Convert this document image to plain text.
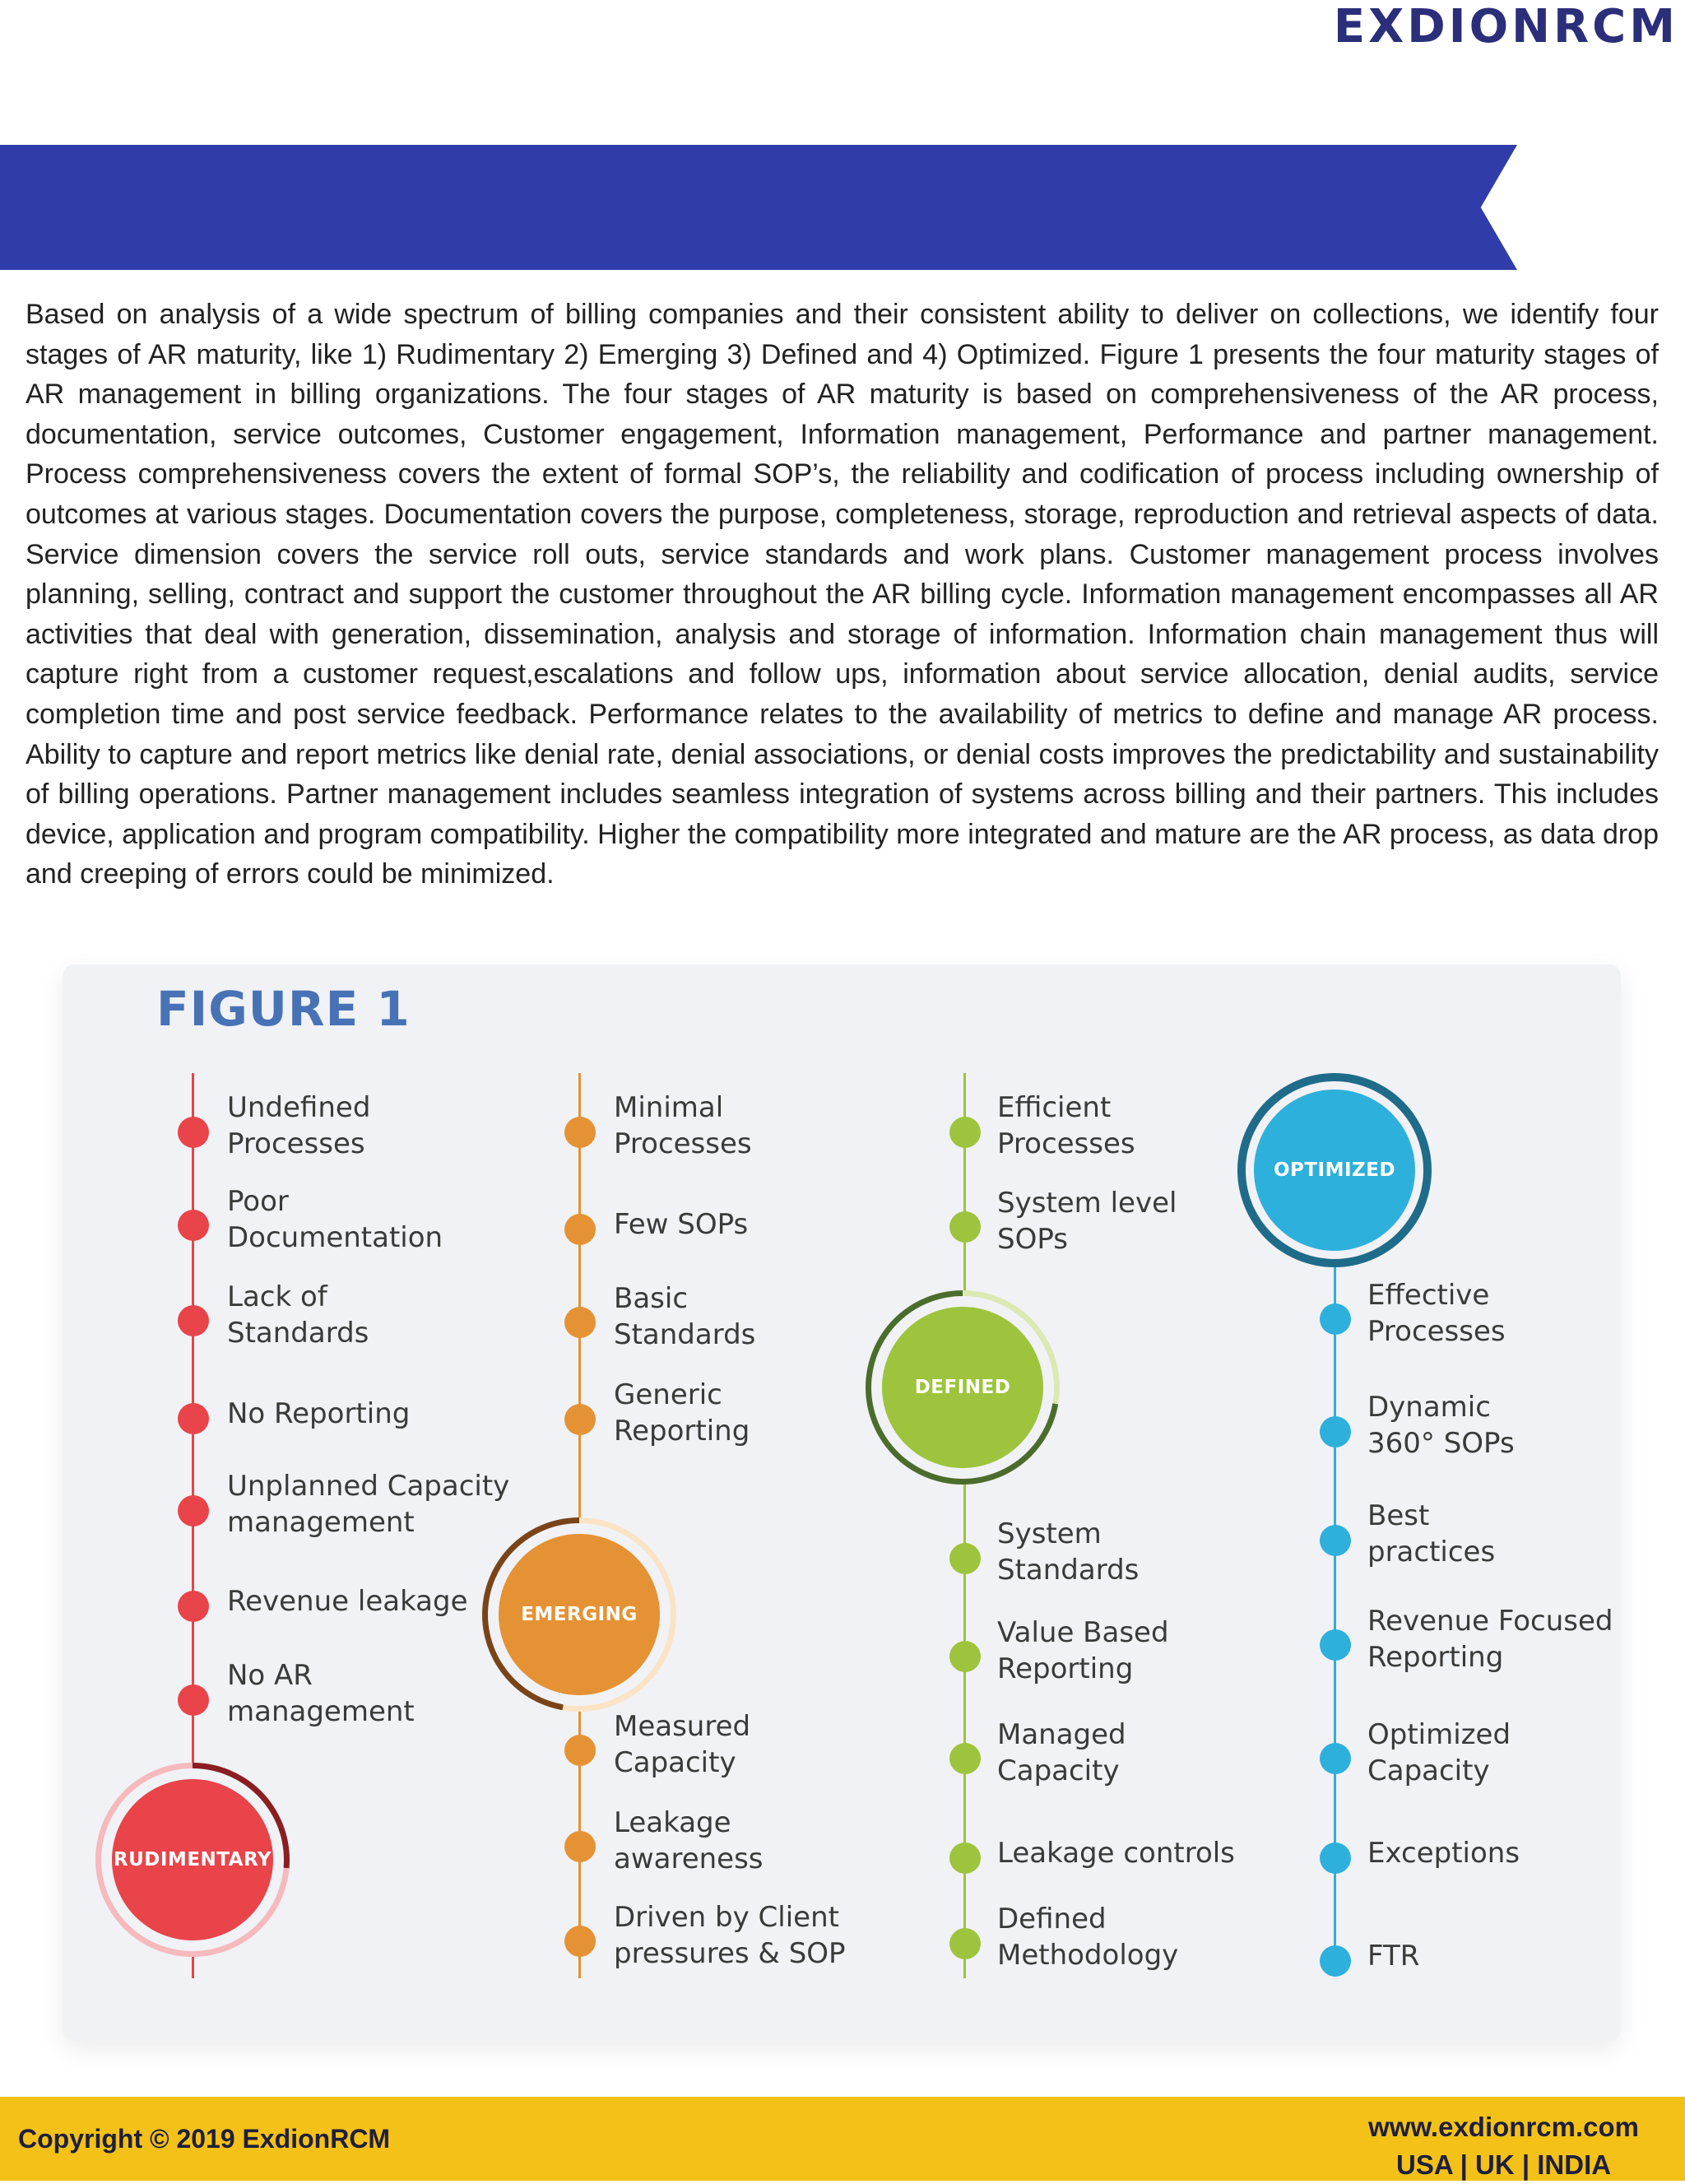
EXDIONRCM
eARMM: a maturity framework  for AR improvement program

Based on analysis of a wide spectrum of billing companies and their consistent ability to deliver on collections, we identify four stages of AR maturity, like 1) Rudimentary 2) Emerging 3) Defined and 4) Optimized. Figure 1 presents the four maturity stages of AR management in billing organizations. The four stages of AR maturity is based on comprehensiveness of the AR process, documentation, service outcomes, Customer engagement, Information management, Performance and partner management. Process comprehensiveness covers the extent of formal SOP’s, the reliability and codification of process including ownership of outcomes at various stages. Documentation covers the purpose, completeness, storage, reproduction and retrieval aspects of data. Service dimension covers the service roll outs, service standards and work plans. Customer management process involves planning, selling, contract and support the customer throughout the AR billing cycle. Information management encompasses all AR activities that deal with generation, dissemination, analysis and storage of information. Information chain management thus will capture right from a customer request,escalations and follow ups, information about service allocation, denial audits, service completion time and post service feedback. Performance relates to the availability of metrics to define and manage AR process. Ability to capture and report metrics like denial rate, denial associations, or denial costs improves the predictability and sustainability of billing operations. Partner management includes seamless integration of systems across billing and their partners. This includes device, application and program compatibility. Higher the compatibility more integrated and mature are the AR process, as data drop and creeping of errors could be minimized.

FIGURE 1
Undefined
Processes
Poor
Documentation
Lack of
Standards
No Reporting
Unplanned Capacity
management
Revenue leakage
No AR
management
Minimal
Processes
Few SOPs
Basic
Standards
Generic
Reporting
Measured
Capacity
Leakage
awareness
Driven by Client
pressures & SOP
Efficient
Processes
System level
SOPs
System
Standards
Value Based
Reporting
Managed
Capacity
Leakage controls
Defined
Methodology
Effective
Processes
Dynamic
360° SOPs
Best
practices
Revenue Focused
Reporting
Optimized
Capacity
Exceptions
FTR
RUDIMENTARY
EMERGING
DEFINED
OPTIMIZED
Copyright © 2019 ExdionRCM	www.exdionrcm.com
USA | UK | INDIA
